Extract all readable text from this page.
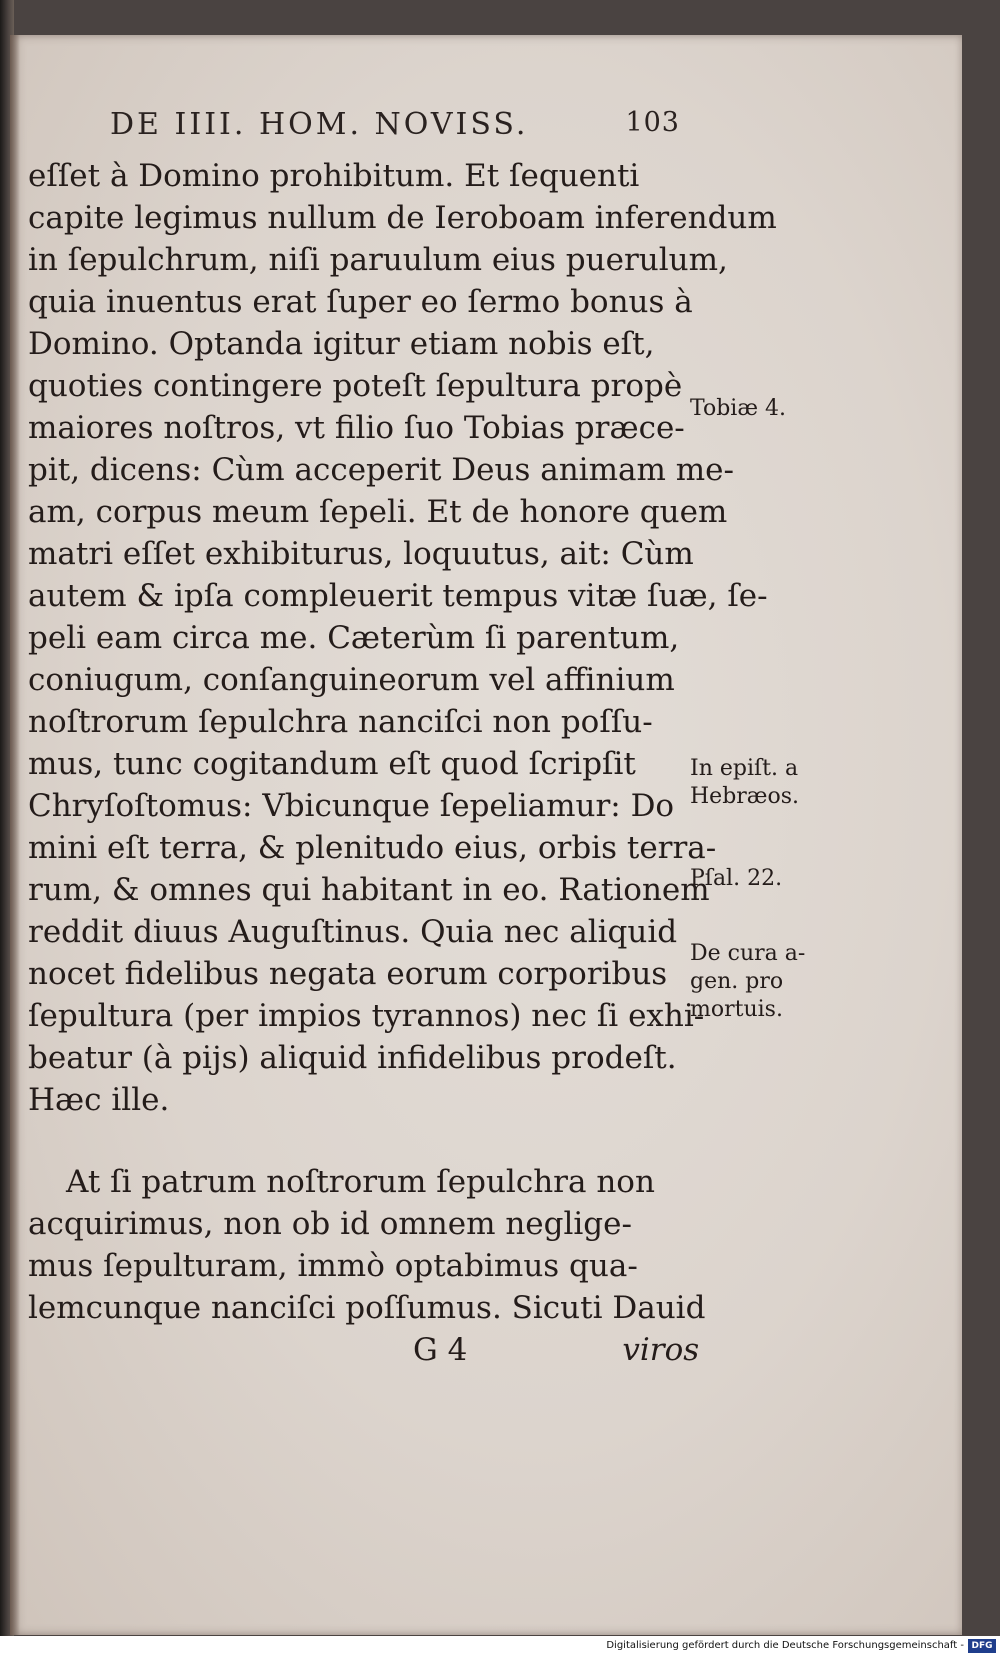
DE IIII. HOM. NOVISS.	103
eſſet à Domino prohibitum. Et ſequenti
capite legimus nullum de Ieroboam inferendum
in ſepulchrum, niſi paruulum eius puerulum,
quia inuentus erat ſuper eo ſermo bonus à
Domino. Optanda igitur etiam nobis eſt,
quoties contingere poteſt ſepultura propè
maiores noſtros, vt filio ſuo Tobias præce-
pit, dicens: Cùm acceperit Deus animam me-
am, corpus meum ſepeli. Et de honore quem
matri eſſet exhibiturus, loquutus, ait: Cùm
autem & ipſa compleuerit tempus vitæ ſuæ, ſe-
peli eam circa me. Cæterùm ſi parentum,
coniugum, conſanguineorum vel affinium
noſtrorum ſepulchra nanciſci non poſſu-
mus, tunc cogitandum eſt quod ſcripſit
Chryſoſtomus: Vbicunque ſepeliamur: Do
mini eſt terra, & plenitudo eius, orbis terra-
rum, & omnes qui habitant in eo. Rationem
reddit diuus Auguſtinus. Quia nec aliquid
nocet fidelibus negata eorum corporibus
ſepultura (per impios tyrannos) nec ſi exhi-
beatur (à pijs) aliquid infidelibus prodeſt.
Hæc ille.
At ſi patrum noſtrorum ſepulchra non
acquirimus, non ob id omnem neglige-
mus ſepulturam, immò optabimus qua-
lemcunque nanciſci poſſumus. Sicuti Dauid
G 4	viros
Tobiæ 4.
In epiſt. a
Hebræos.
Pſal. 22.
De cura a-
gen. pro
mortuis.
Digitalisierung gefördert durch die Deutsche Forschungsgemeinschaft - DFG
